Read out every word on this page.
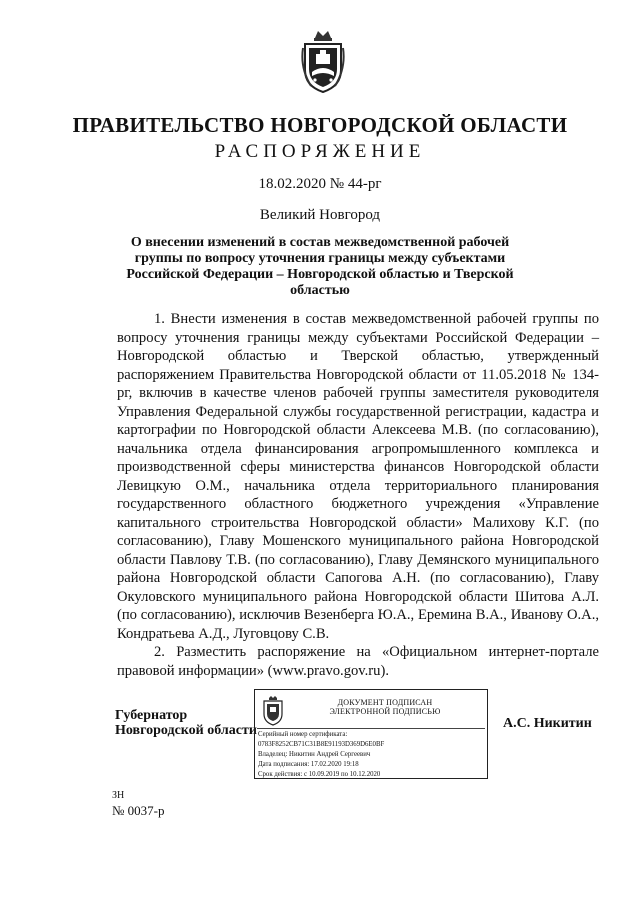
ПРАВИТЕЛЬСТВО НОВГОРОДСКОЙ ОБЛАСТИ
РАСПОРЯЖЕНИЕ
18.02.2020 № 44-рг
Великий Новгород
О внесении изменений в состав межведомственной рабочей группы по вопросу уточнения границы между субъектами Российской Федерации – Новгородской областью и Тверской областью

1. Внести изменения в состав межведомственной рабочей группы по вопросу уточнения границы между субъектами Российской Федерации – Новгородской областью и Тверской областью, утвержденный распоряжением Правительства Новгородской области от 11.05.2018 № 134-рг, включив в качестве членов рабочей группы заместителя руководителя Управления Федеральной службы государственной регистрации, кадастра и картографии по Новгородской области Алексеева М.В. (по согласованию), начальника отдела финансирования агропромышленного комплекса и производственной сферы министерства финансов Новгородской области Левицкую О.М., начальника отдела территориального планирования государственного областного бюджетного учреждения «Управление капитального строительства Новгородской области» Малихову К.Г. (по согласованию), Главу Мошенского муниципального района Новгородской области Павлову Т.В. (по согласованию), Главу Демянского муниципального района Новгородской области Сапогова А.Н. (по согласованию), Главу Окуловского муниципального района Новгородской области Шитова А.Л. (по согласованию), исключив Везенберга Ю.А., Еремина В.А., Иванову О.А., Кондратьева А.Д., Луговцову С.В.

2. Разместить распоряжение на «Официальном интернет-портале правовой информации» (www.pravo.gov.ru).

Губернатор
Новгородской области
ДОКУМЕНТ ПОДПИСАН
ЭЛЕКТРОННОЙ ПОДПИСЬЮ
Серийный номер сертификата:
0783F8252CB71C31B8E91193D369D6E0BF
Владелец: Никитин Андрей Сергеевич
Дата подписания: 17.02.2020 19:18
Срок действия: с 10.09.2019 по 10.12.2020
А.С. Никитин
ЗН
№ 0037-р
